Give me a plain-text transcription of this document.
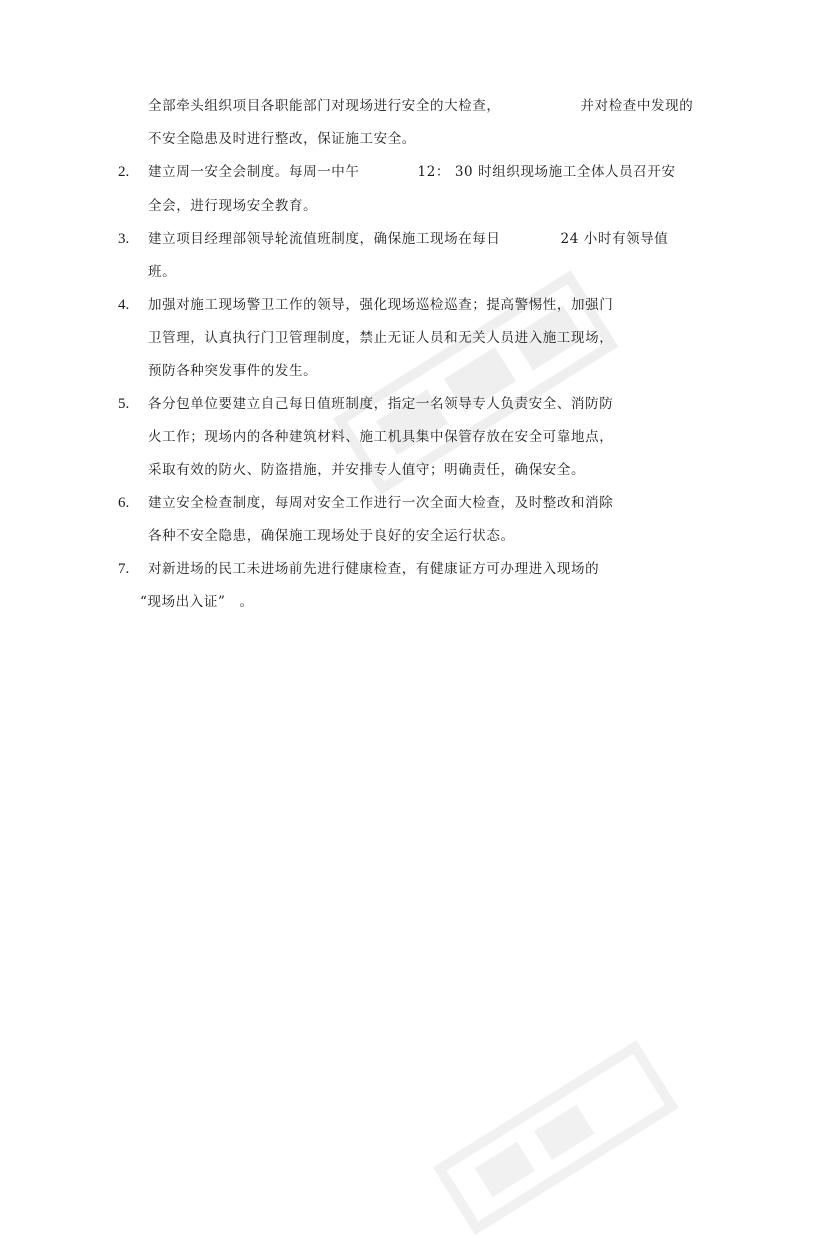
全部牵头组织项目各职能部门对现场进行安全的大检查，	并对检查中发现的
不安全隐患及时进行整改，保证施工安全。
2. 建立周一安全会制度。每周一中午	12： 30 时组织现场施工全体人员召开安
全会，进行现场安全教育。
3. 建立项目经理部领导轮流值班制度，确保施工现场在每日	24 小时有领导值
班。
4. 加强对施工现场警卫工作的领导，强化现场巡检巡查；提高警惕性，加强门
卫管理，认真执行门卫管理制度，禁止无证人员和无关人员进入施工现场，
预防各种突发事件的发生。
5. 各分包单位要建立自己每日值班制度，指定一名领导专人负责安全、消防防
火工作；现场内的各种建筑材料、施工机具集中保管存放在安全可靠地点，
采取有效的防火、防盗措施，并安排专人值守；明确责任，确保安全。
6. 建立安全检查制度，每周对安全工作进行一次全面大检查，及时整改和消除
各种不安全隐患，确保施工现场处于良好的安全运行状态。
7. 对新进场的民工未进场前先进行健康检查，有健康证方可办理进入现场的
“现场出入证” 。
